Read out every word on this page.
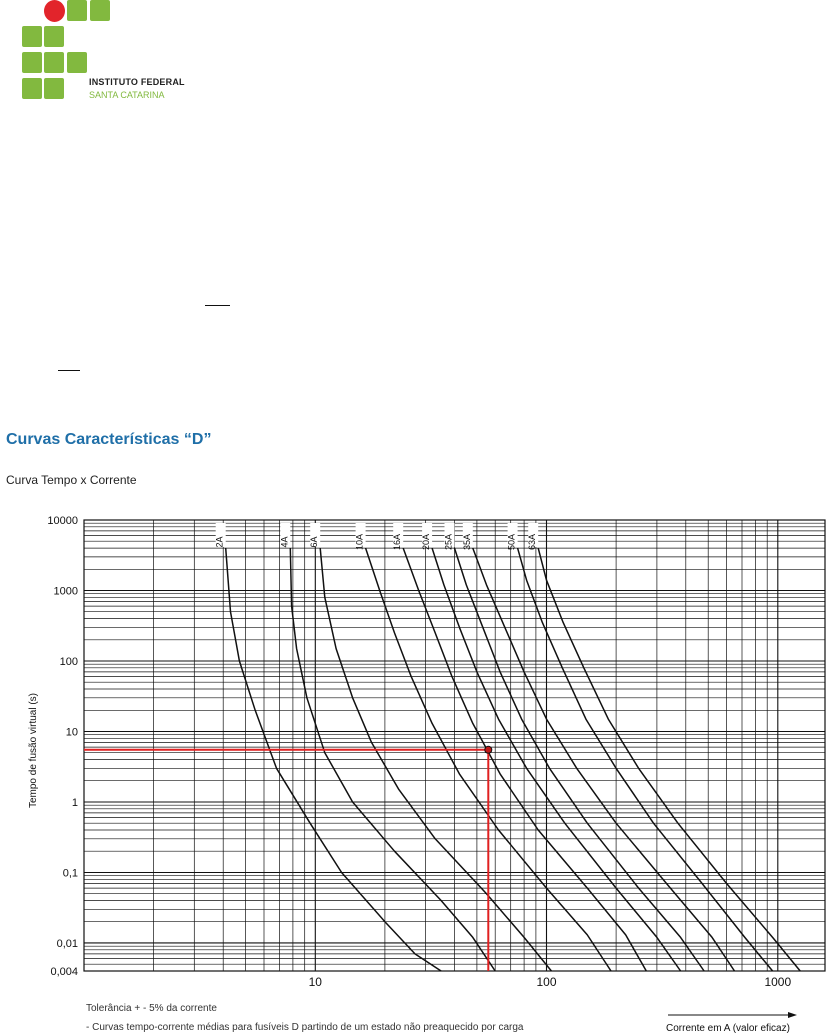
INSTITUTO FEDERAL
SANTA CATARINA
Curvas Características “D”
Curva Tempo x Corrente
10000
1000
100
10
1
0,1
0,01
0,004
10	100	1000
Tempo de fusão virtual (s)
Corrente em A (valor eficaz)
2A	4A 6A	10A	16A 20A 25A 35A	50A 63A
Tolerância + - 5% da corrente
- Curvas tempo-corrente médias para fusíveis D partindo de um estado não preaquecido por carga
